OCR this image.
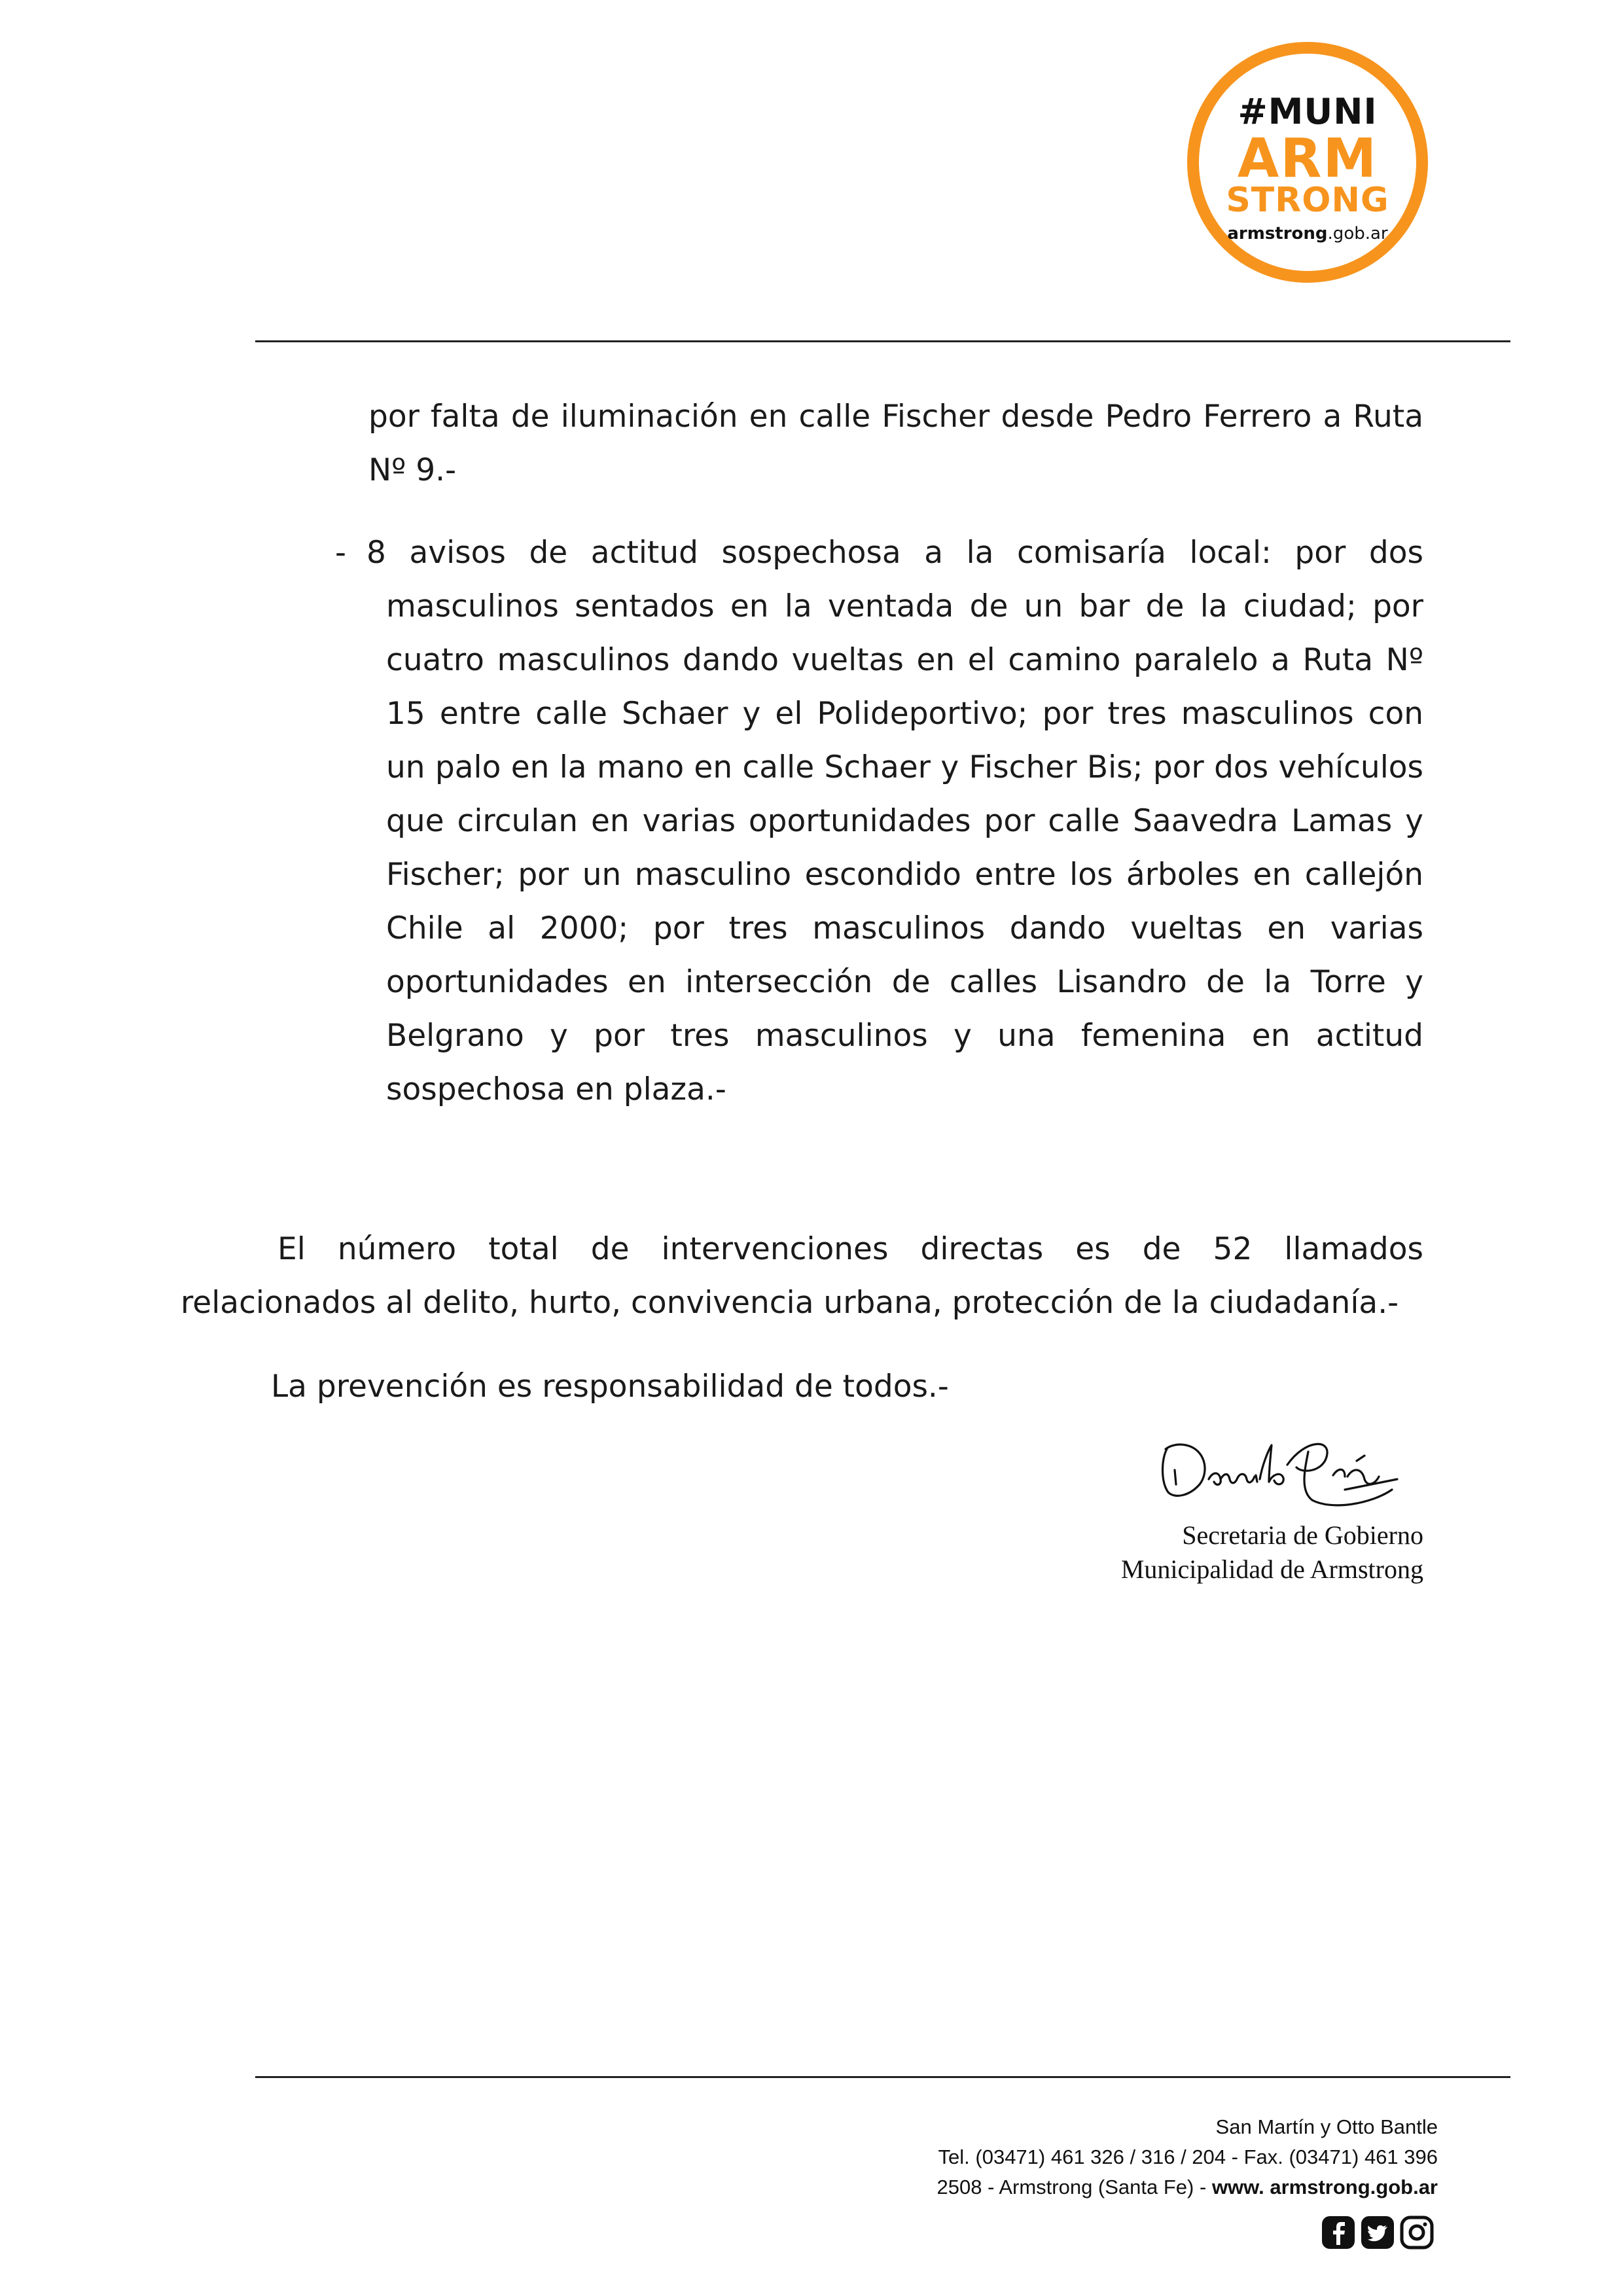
#MUNI
ARM
STRONG
armstrong.gob.ar
por falta de iluminación en calle Fischer desde Pedro Ferrero a Ruta Nº 9.-
- 8 avisos de actitud sospechosa a la comisaría local: por dos masculinos sentados en la ventada de un bar de la ciudad; por cuatro masculinos dando vueltas en el camino paralelo a Ruta Nº 15 entre calle Schaer y el Polideportivo; por tres masculinos con un palo en la mano en calle Schaer y Fischer Bis; por dos vehículos que circulan en varias oportunidades por calle Saavedra Lamas y Fischer; por un masculino escondido entre los árboles en callejón Chile al 2000; por tres masculinos dando vueltas en varias oportunidades en intersección de calles Lisandro de la Torre y Belgrano y por tres masculinos y una femenina en actitud sospechosa en plaza.-
El número total de intervenciones directas es de 52 llamados relacionados al delito, hurto, convivencia urbana, protección de la ciudadanía.-
La prevención es responsabilidad de todos.-
Secretaria de Gobierno
Municipalidad de Armstrong
San Martín y Otto Bantle
Tel. (03471) 461 326 / 316 / 204 - Fax. (03471) 461 396
2508 - Armstrong (Santa Fe) - www. armstrong.gob.ar
